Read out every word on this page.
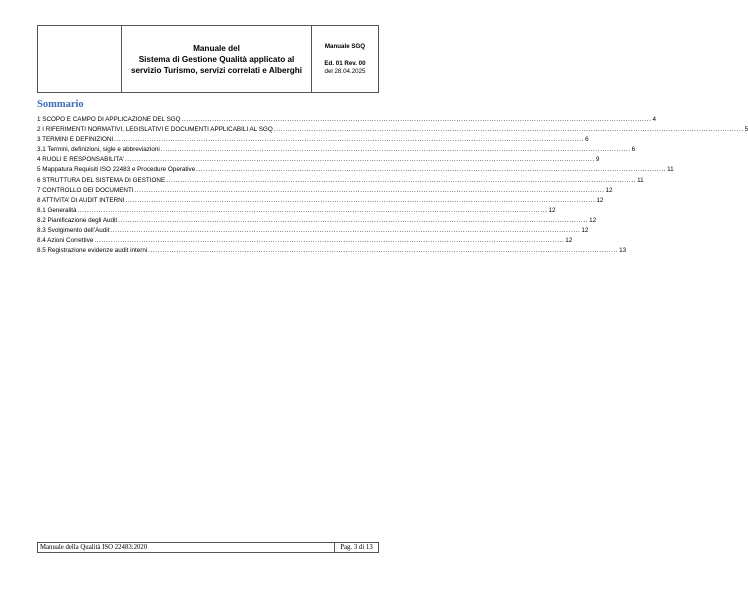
Manuale del
Sistema di Gestione Qualità applicato al
servizio Turismo, servizi correlati e Alberghi
Manuale SGQ
Ed. 01 Rev. 00
del 28.04.2025
Sommario
1 SCOPO E CAMPO DI APPLICAZIONE DEL SGQ ........................................................................................................................................................................................................ 4
2 I RIFERIMENTI NORMATIVI, LEGISLATIVI E DOCUMENTI APPLICABILI AL SGQ ........................................................................................................................................................................................................ 5
3 TERMINI E DEFINIZIONI ........................................................................................................................................................................................................ 6
3.1 Termini, definizioni, sigle e abbreviazioni ........................................................................................................................................................................................................ 6
4 RUOLI E RESPONSABILITA’ ........................................................................................................................................................................................................ 9
5 Mappatura Requisiti ISO 22483 e Procedure Operative ........................................................................................................................................................................................................ 11
6 STRUTTURA DEL SISTEMA DI GESTIONE ........................................................................................................................................................................................................ 11
7 CONTROLLO DEI DOCUMENTI ........................................................................................................................................................................................................ 12
8 ATTIVITA’ DI AUDIT INTERNI ........................................................................................................................................................................................................ 12
8.1 Generalità ........................................................................................................................................................................................................ 12
8.2 Pianificazione degli Audit ........................................................................................................................................................................................................ 12
8.3 Svolgimento dell’Audit ........................................................................................................................................................................................................ 12
8.4 Azioni Correttive ........................................................................................................................................................................................................ 12
8.5 Registrazione evidenze audit interni ........................................................................................................................................................................................................ 13
Manuale della Qualità ISO 22483:2020	Pag. 3 di 13
